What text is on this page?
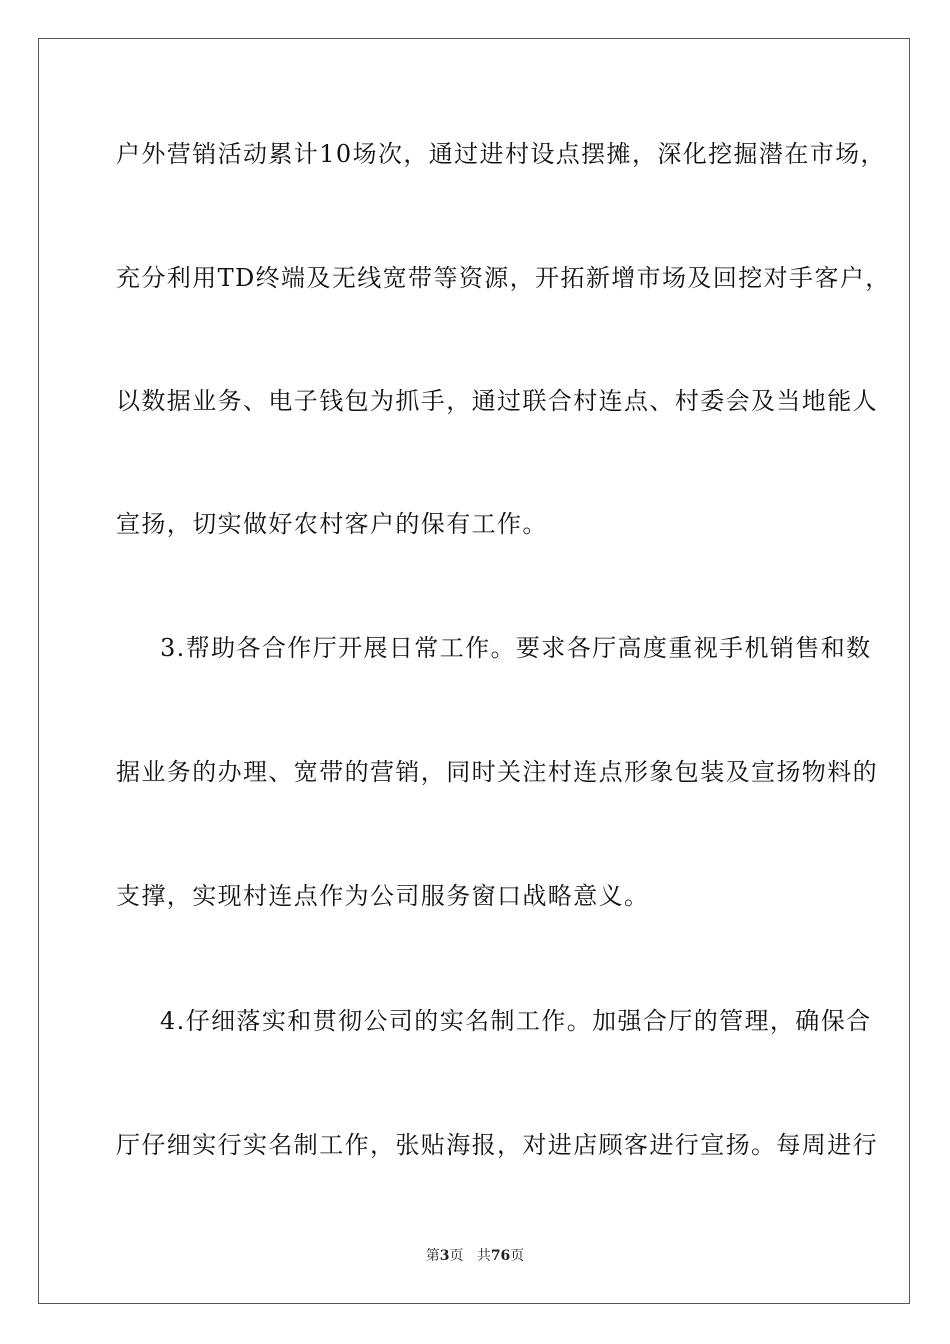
户外营销活动累计10场次，通过进村设点摆摊，深化挖掘潜在市场，
充分利用TD终端及无线宽带等资源，开拓新增市场及回挖对手客户，
以数据业务、电子钱包为抓手，通过联合村连点、村委会及当地能人
宣扬，切实做好农村客户的保有工作。
3.帮助各合作厅开展日常工作。要求各厅高度重视手机销售和数
据业务的办理、宽带的营销，同时关注村连点形象包装及宣扬物料的
支撑，实现村连点作为公司服务窗口战略意义。
4.仔细落实和贯彻公司的实名制工作。加强合厅的管理，确保合
厅仔细实行实名制工作，张贴海报，对进店顾客进行宣扬。每周进行
第3页 共76页
